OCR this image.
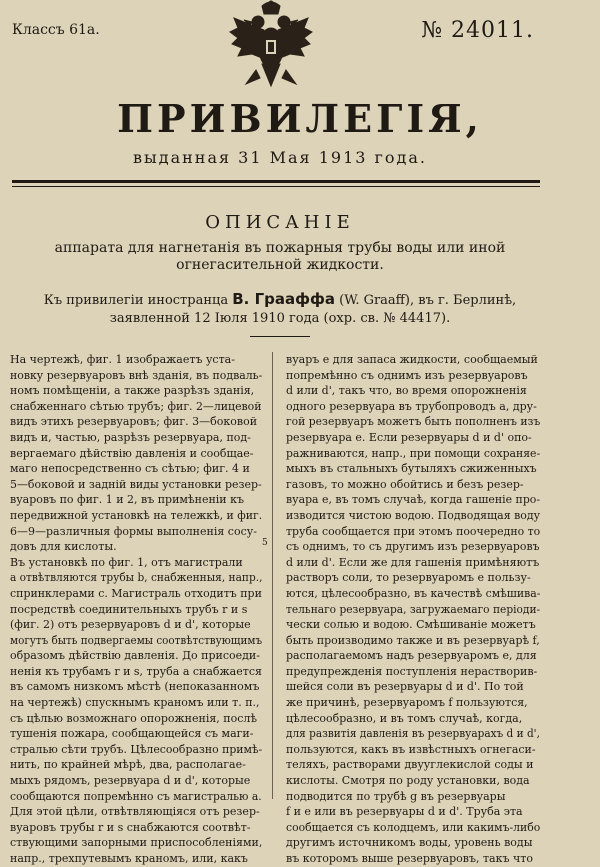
Классъ 61а.	№ 24011.
ПРИВИЛЕГІЯ,
выданная 31 Мая 1913 года.
ОПИСАНІЕ
аппарата для нагнетанія въ пожарныя трубы воды или иной огнегасительной жидкости.
Къ привилегіи иностранца В. Граaффа (W. Graaff), въ г. Берлинѣ, заявленной 12 Іюля 1910 года (охр. св. № 44417).
На чертежѣ, фиг. 1 изображаетъ уста-
новку резервуаровъ внѣ зданія, въ подваль-
номъ помѣщеніи, а также разрѣзъ зданія,
снабженнаго сѣтью трубъ; фиг. 2—лицевой
видъ этихъ резервуаровъ; фиг. 3—боковой
видъ и, частью, разрѣзъ резервуара, под-
вергаемаго дѣйствію давленія и сообщае-
маго непосредственно съ сѣтью; фиг. 4 и
5—боковой и задній виды установки резер-
вуаровъ по фиг. 1 и 2, въ примѣненіи къ
передвижной установкѣ на тележкѣ, и фиг.
6—9—различныя формы выполненія сосу-
довъ для кислоты.
Въ установкѣ по фиг. 1, отъ магистрали
а отвѣтвляются трубы b, снабженныя, напр.,
спринклерами c. Магистраль отходитъ при
посредствѣ соединительныхъ трубъ r и s
(фиг. 2) отъ резервуаровъ d и d', которые
могутъ быть подвергаемы соотвѣтствующимъ
образомъ дѣйствію давленія. До присоеди-
ненія къ трубамъ r и s, труба a снабжается
въ самомъ низкомъ мѣстѣ (непоказанномъ
на чертежѣ) спускнымъ краномъ или т. п.,
съ цѣлью возможнаго опорожненія, послѣ
тушенія пожара, сообщающейся съ маги-
стралью сѣти трубъ. Цѣлесообразно примѣ-
нить, по крайней мѣрѣ, два, располагае-
мыхъ рядомъ, резервуара d и d', которые
сообщаются попремѣнно съ магистралью a.
Для этой цѣли, отвѣтвляющіяся отъ резер-
вуаровъ трубы r и s снабжаются соотвѣт-
ствующими запорными приспособленіями,
напр., трехпутевымъ краномъ, или, какъ
5
вуаръ e для запаса жидкости, сообщаемый
попремѣнно съ однимъ изъ резервуаровъ
d или d', такъ что, во время опорожненія
одного резервуара въ трубопроводъ a, дру-
гой резервуаръ можетъ быть пополненъ изъ
резервуара e. Если резервуары d и d' опо-
ражниваются, напр., при помощи сохраняе-
мыхъ въ стальныхъ бутыляхъ сжиженныхъ
газовъ, то можно обойтись и безъ резер-
вуара e, въ томъ случаѣ, когда гашеніе про-
изводится чистою водою. Подводящая воду
труба сообщается при этомъ поочередно то
съ однимъ, то съ другимъ изъ резервуаровъ
d или d'. Если же для гашенія примѣняютъ
растворъ соли, то резервуаромъ e пользу-
ются, цѣлесообразно, въ качествѣ смѣшива-
тельнаго резервуара, загружаемаго періоди-
чески солью и водою. Смѣшиваніе можетъ
быть производимо также и въ резервуарѣ f,
располагаемомъ надъ резервуаромъ e, для
предупрежденія поступленія нерастворив-
шейся соли въ резервуары d и d'. По той
же причинѣ, резервуаромъ f пользуются,
цѣлесообразно, и въ томъ случаѣ, когда,
для развитія давленія въ резервуарахъ d и d',
пользуются, какъ въ извѣстныхъ огнегаси-
теляхъ, растворами двууглекислой соды и
кислоты. Смотря по роду установки, вода
подводится по трубѣ g въ резервуары
f и e или въ резервуары d и d'. Труба эта
сообщается съ колодцемъ, или какимъ-либо
другимъ источникомъ воды, уровень воды
въ которомъ выше резервуаровъ, такъ что
